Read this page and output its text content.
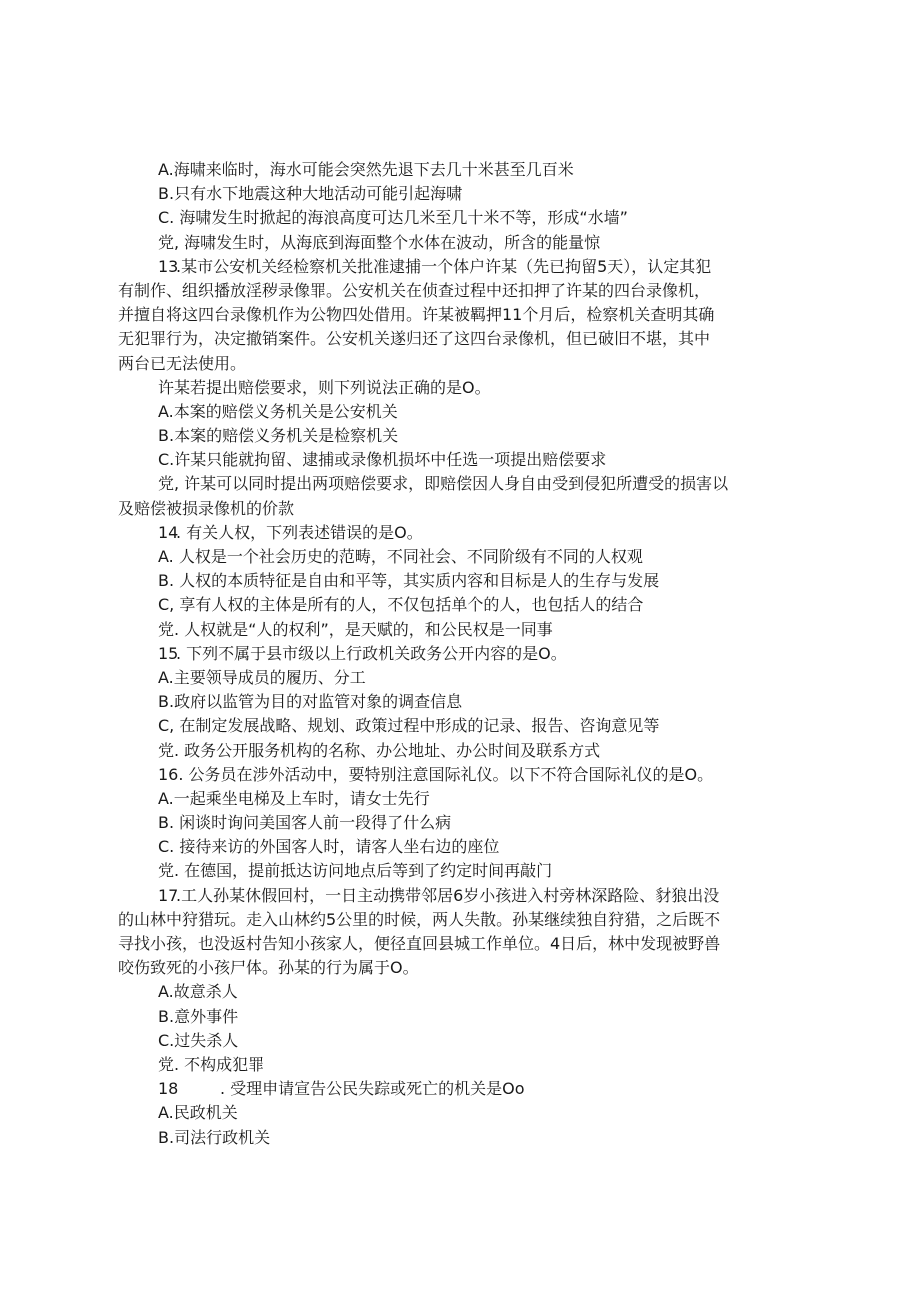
A.海啸来临时，海水可能会突然先退下去几十米甚至几百米
B.只有水下地震这种大地活动可能引起海啸
C. 海啸发生时掀起的海浪高度可达几米至几十米不等，形成“水墙”
党, 海啸发生时，从海底到海面整个水体在波动，所含的能量惊
13.某市公安机关经检察机关批准逮捕一个体户许某（先已拘留5天），认定其犯
有制作、组织播放淫秽录像罪。公安机关在侦查过程中还扣押了许某的四台录像机，
并擅自将这四台录像机作为公物四处借用。许某被羁押11个月后，检察机关查明其确
无犯罪行为，决定撤销案件。公安机关遂归还了这四台录像机，但已破旧不堪，其中
两台已无法使用。
许某若提出赔偿要求，则下列说法正确的是O。
A.本案的赔偿义务机关是公安机关
B.本案的赔偿义务机关是检察机关
C.许某只能就拘留、逮捕或录像机损坏中任选一项提出赔偿要求
党, 许某可以同时提出两项赔偿要求，即赔偿因人身自由受到侵犯所遭受的损害以
及赔偿被损录像机的价款
14. 有关人权，下列表述错误的是O。
A. 人权是一个社会历史的范畴，不同社会、不同阶级有不同的人权观
B. 人权的本质特征是自由和平等，其实质内容和目标是人的生存与发展
C, 享有人权的主体是所有的人，不仅包括单个的人，也包括人的结合
党. 人权就是“人的权利”，是天赋的，和公民权是一同事
15. 下列不属于县市级以上行政机关政务公开内容的是O。
A.主要领导成员的履历、分工
B.政府以监管为目的对监管对象的调查信息
C, 在制定发展战略、规划、政策过程中形成的记录、报告、咨询意见等
党. 政务公开服务机构的名称、办公地址、办公时间及联系方式
16. 公务员在涉外活动中，要特别注意国际礼仪。以下不符合国际礼仪的是O。
A.一起乘坐电梯及上车时，请女士先行
B. 闲谈时询问美国客人前一段得了什么病
C. 接待来访的外国客人时，请客人坐右边的座位
党. 在德国，提前抵达访问地点后等到了约定时间再敲门
17.工人孙某休假回村，一日主动携带邻居6岁小孩进入村旁林深路险、豺狼出没
的山林中狩猎玩。走入山林约5公里的时候，两人失散。孙某继续独自狩猎，之后既不
寻找小孩，也没返村告知小孩家人，便径直回县城工作单位。4日后，林中发现被野兽
咬伤致死的小孩尸体。孙某的行为属于O。
A.故意杀人
B.意外事件
C.过失杀人
党. 不构成犯罪
18	. 受理申请宣告公民失踪或死亡的机关是Oo
A.民政机关
B.司法行政机关
